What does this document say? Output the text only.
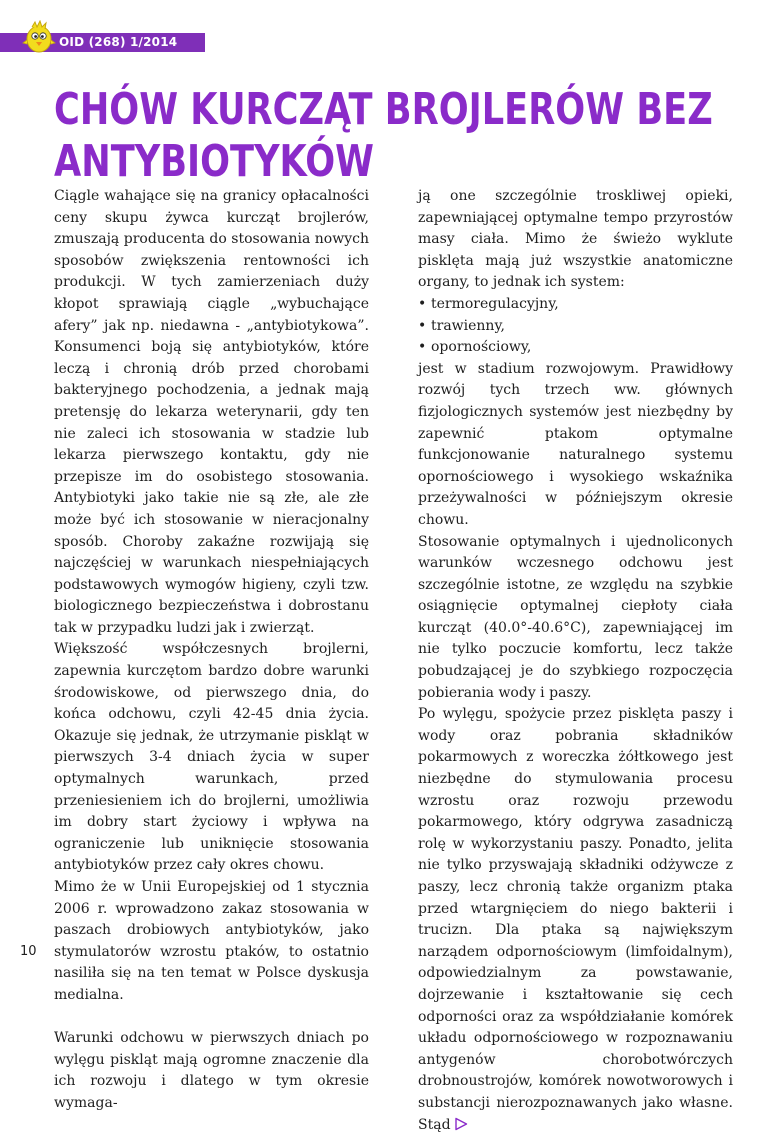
OID (268) 1/2014
CHÓW KURCZĄT BROJLERÓW BEZ
ANTYBIOTYKÓW

Ciągle wahające się na granicy opłacalności ceny skupu żywca kurcząt brojlerów, zmuszają producenta do stosowania nowych sposobów zwiększenia rentowności ich produkcji. W tych zamierzeniach duży kłopot sprawiają ciągle „wybuchające afery” jak np. niedawna - „antybiotykowa”. Konsumenci boją się antybiotyków, które leczą i chronią drób przed chorobami bakteryjnego pochodzenia, a jednak mają pretensję do lekarza weterynarii, gdy ten nie zaleci ich stosowania w stadzie lub lekarza pierwszego kontaktu, gdy nie przepisze im do osobistego stosowania. Antybiotyki jako takie nie są złe, ale złe może być ich stosowanie w nieracjonalny sposób. Choroby zakaźne rozwijają się najczęściej w warunkach niespełniających podstawowych wymogów higieny, czyli tzw. biologicznego bezpieczeństwa i dobrostanu tak w przypadku ludzi jak i zwierząt.

Większość współczesnych brojlerni, zapewnia kurczętom bardzo dobre warunki środowiskowe, od pierwszego dnia, do końca odchowu, czyli 42-45 dnia życia. Okazuje się jednak, że utrzymanie piskląt w pierwszych 3-4 dniach życia w super optymalnych warunkach, przed przeniesieniem ich do brojlerni, umożliwia im dobry start życiowy i wpływa na ograniczenie lub uniknięcie stosowania antybiotyków przez cały okres chowu.

Mimo że w Unii Europejskiej od 1 stycznia 2006 r. wprowadzono zakaz stosowania w paszach drobiowych antybiotyków, jako stymulatorów wzrostu ptaków, to ostatnio nasiliła się na ten temat w Polsce dyskusja medialna.

Warunki odchowu w pierwszych dniach po wylęgu piskląt mają ogromne znaczenie dla ich rozwoju i dlatego w tym okresie wymaga-

ją one szczególnie troskliwej opieki, zapewniającej optymalne tempo przyrostów masy ciała. Mimo że świeżo wyklute pisklęta mają już wszystkie anatomiczne organy, to jednak ich system:

• termoregulacyjny,
• trawienny,
• opornościowy,

jest w stadium rozwojowym. Prawidłowy rozwój tych trzech ww. głównych fizjologicznych systemów jest niezbędny by zapewnić ptakom optymalne funkcjonowanie naturalnego systemu opornościowego i wysokiego wskaźnika przeżywalności w późniejszym okresie chowu.

Stosowanie optymalnych i ujednoliconych warunków wczesnego odchowu jest szczególnie istotne, ze względu na szybkie osiągnięcie optymalnej ciepłoty ciała kurcząt (40.0°-40.6°C), zapewniającej im nie tylko poczucie komfortu, lecz także pobudzającej je do szybkiego rozpoczęcia pobierania wody i paszy.

Po wylęgu, spożycie przez pisklęta paszy i wody oraz pobrania składników pokarmowych z woreczka żółtkowego jest niezbędne do stymulowania procesu wzrostu oraz rozwoju przewodu pokarmowego, który odgrywa zasadniczą rolę w wykorzystaniu paszy. Ponadto, jelita nie tylko przyswajają składniki odżywcze z paszy, lecz chronią także organizm ptaka przed wtargnięciem do niego bakterii i trucizn. Dla ptaka są największym narządem odpornościowym (limfoidalnym), odpowiedzialnym za powstawanie, dojrzewanie i kształtowanie się cech odporności oraz za współdziałanie komórek układu odpornościowego w rozpoznawaniu antygenów chorobotwórczych drobnoustrojów, komórek nowotworowych i substancji nierozpoznawanych jako własne. Stąd

10
